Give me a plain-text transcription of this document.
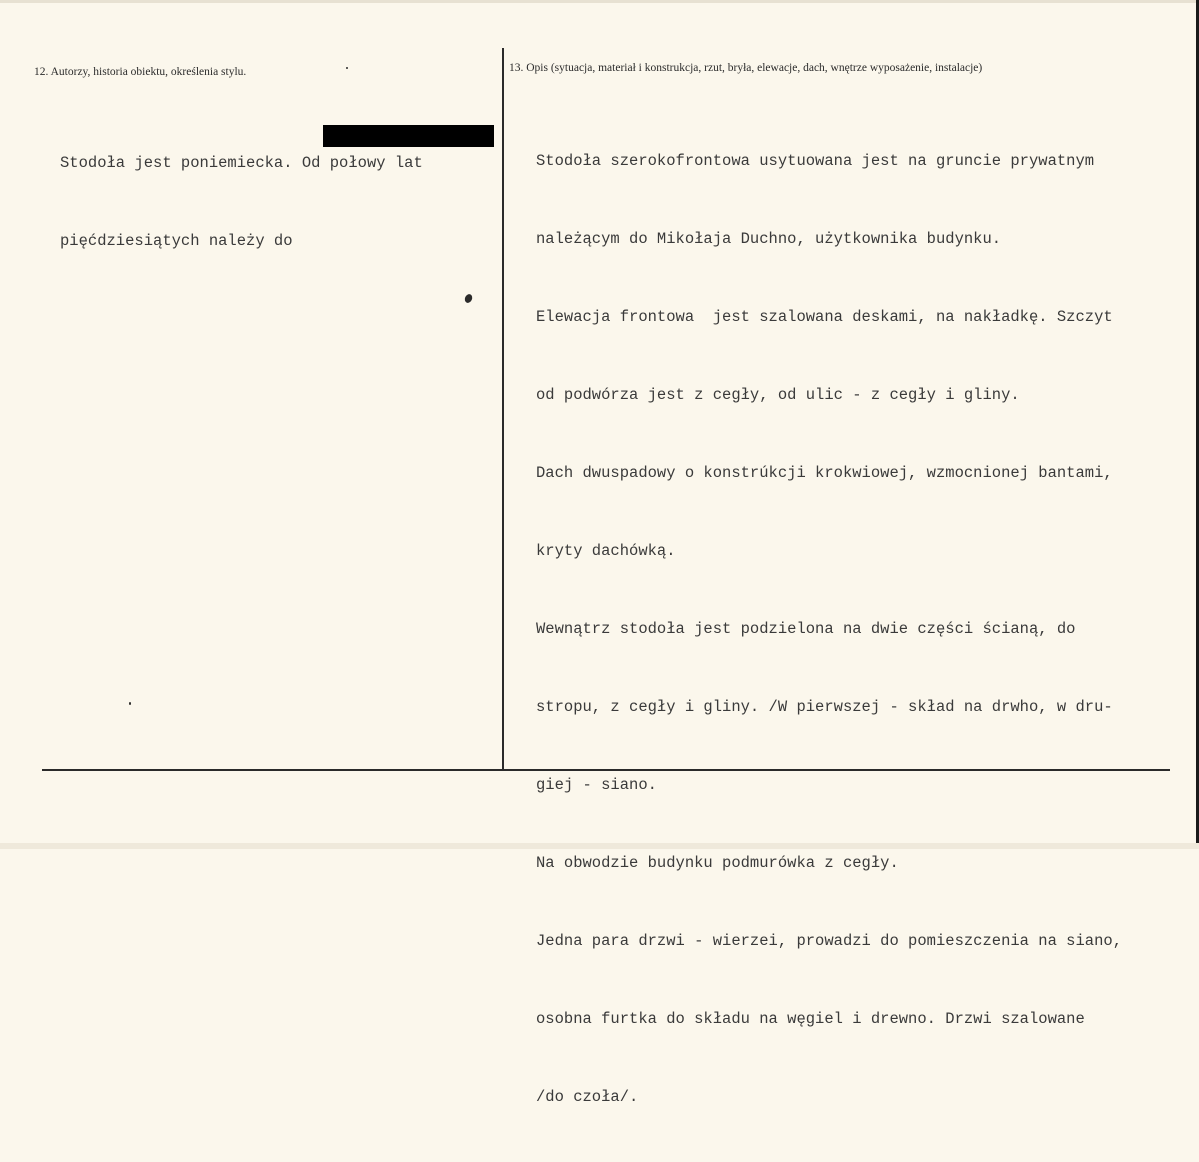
12. Autorzy, historia obiektu, określenia stylu.	13. Opis (sytuacja, materiał i konstrukcja, rzut, bryła, elewacje, dach, wnętrze wyposażenie, instalacje)

Stodoła jest poniemiecka. Od połowy lat

pięćdziesiątych należy do

Stodoła szerokofrontowa usytuowana jest na gruncie prywatnym

należącym do Mikołaja Duchno, użytkownika budynku.

Elewacja frontowa  jest szalowana deskami, na nakładkę. Szczyt

od podwórza jest z cegły, od ulic - z cegły i gliny.

Dach dwuspadowy o konstrúkcji krokwiowej, wzmocnionej bantami,

kryty dachówką.

Wewnątrz stodoła jest podzielona na dwie części ścianą, do

stropu, z cegły i gliny. /W pierwszej - skład na drwho, w dru-

giej - siano.

Na obwodzie budynku podmurówka z cegły.

Jedna para drzwi - wierzei, prowadzi do pomieszczenia na siano,

osobna furtka do składu na węgiel i drewno. Drzwi szalowane

/do czoła/.
